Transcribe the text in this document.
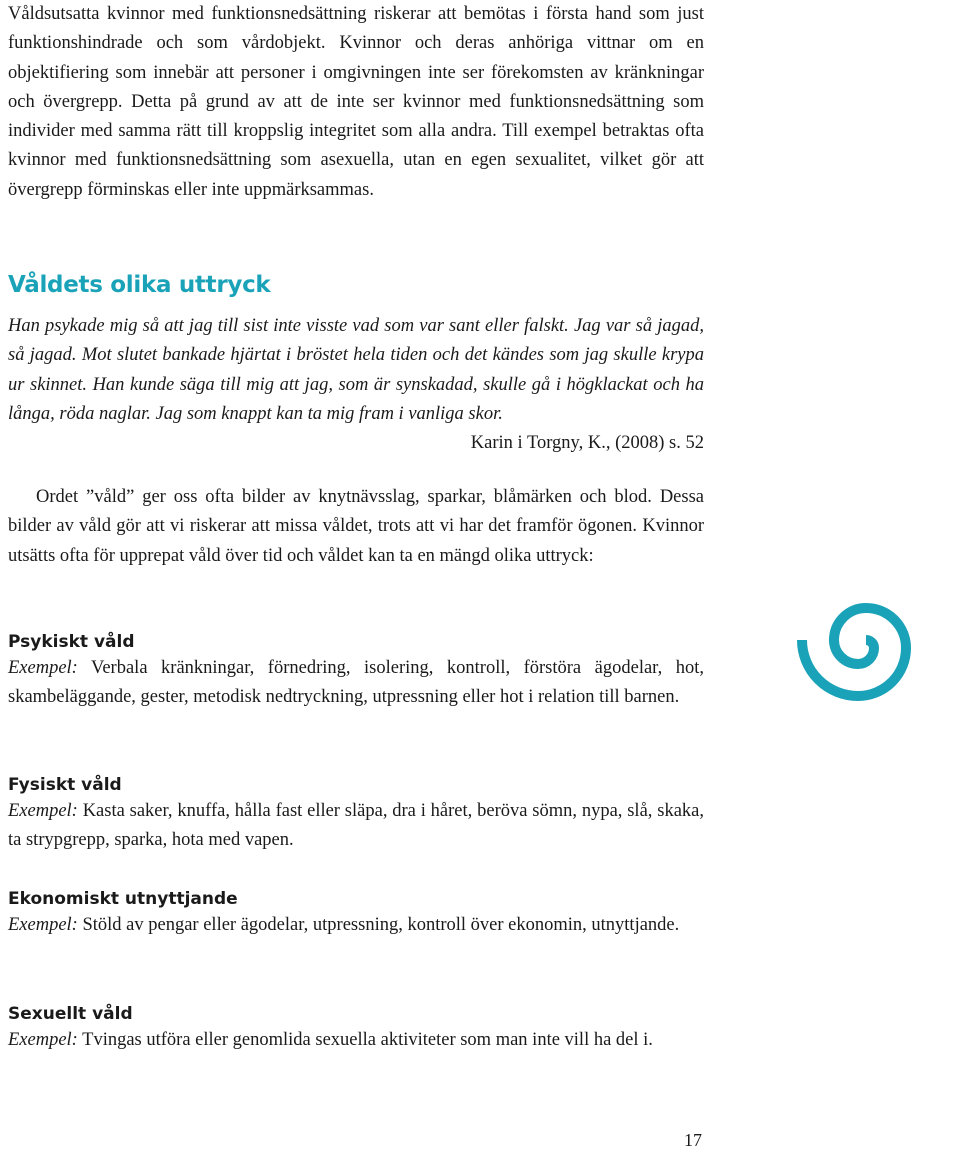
Våldsutsatta kvinnor med funktionsnedsättning riskerar att bemötas i första hand som just funktionshindrade och som vårdobjekt. Kvinnor och deras anhöriga vittnar om en objektifiering som innebär att personer i omgivningen inte ser förekomsten av kränkningar och övergrepp. Detta på grund av att de inte ser kvinnor med funktionsnedsättning som individer med samma rätt till kroppslig integritet som alla andra. Till exempel betraktas ofta kvinnor med funktionsnedsättning som asexuella, utan en egen sexualitet, vilket gör att övergrepp förminskas eller inte uppmärksammas.

Våldets olika uttryck

Han psykade mig så att jag till sist inte visste vad som var sant eller falskt. Jag var så jagad, så jagad. Mot slutet bankade hjärtat i bröstet hela tiden och det kändes som jag skulle krypa ur skinnet. Han kunde säga till mig att jag, som är synskadad, skulle gå i högklackat och ha långa, röda naglar. Jag som knappt kan ta mig fram i vanliga skor.

Karin i Torgny, K., (2008) s. 52

Ordet ”våld” ger oss ofta bilder av knytnävsslag, sparkar, blåmärken och blod. Dessa bilder av våld gör att vi riskerar att missa våldet, trots att vi har det framför ögonen. Kvinnor utsätts ofta för upprepat våld över tid och våldet kan ta en mängd olika uttryck:

Psykiskt våld

Exempel: Verbala kränkningar, förnedring, isolering, kontroll, förstöra ägodelar, hot, skambeläggande, gester, metodisk nedtryckning, utpressning eller hot i relation till barnen.

Fysiskt våld

Exempel: Kasta saker, knuffa, hålla fast eller släpa, dra i håret, beröva sömn, nypa, slå, skaka, ta strypgrepp, sparka, hota med vapen.

Ekonomiskt utnyttjande

Exempel: Stöld av pengar eller ägodelar, utpressning, kontroll över ekonomin, utnyttjande.

Sexuellt våld

Exempel: Tvingas utföra eller genomlida sexuella aktiviteter som man inte vill ha del i.

17
